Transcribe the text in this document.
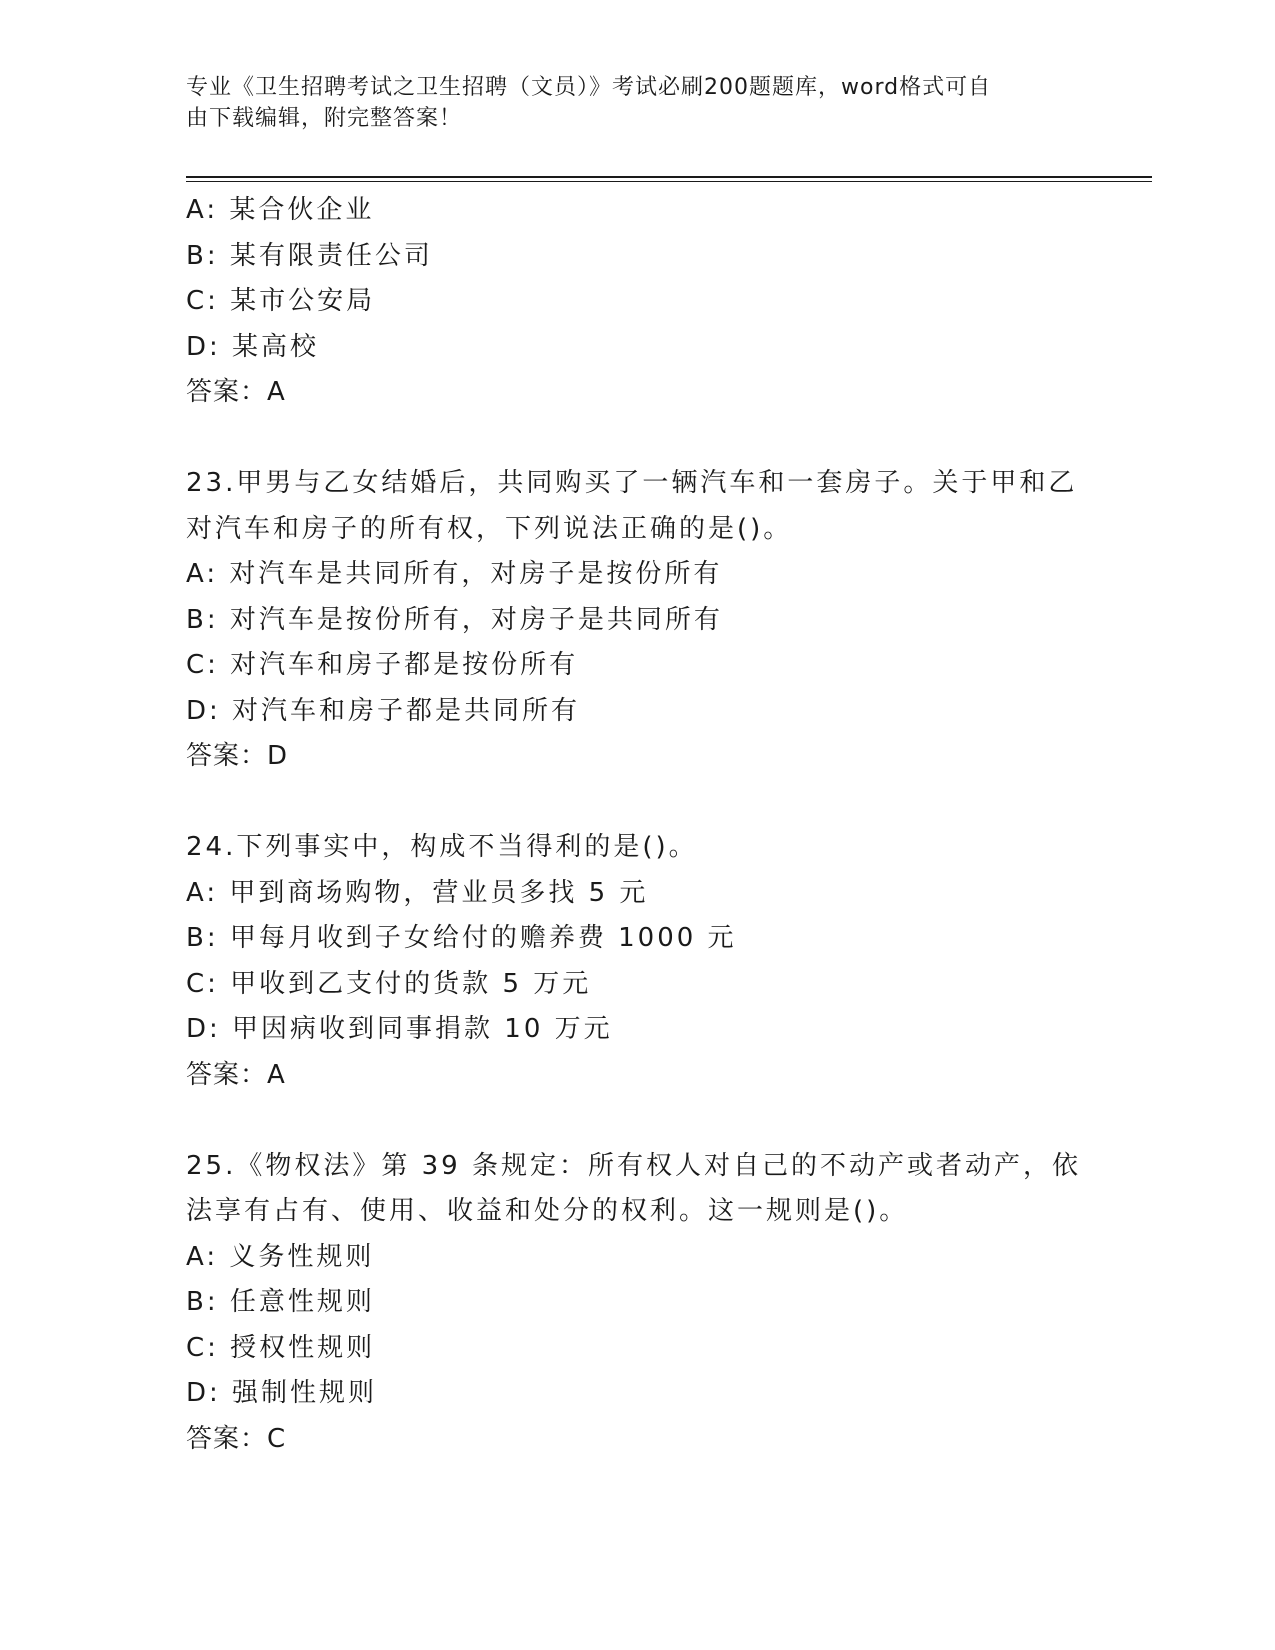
专业《卫生招聘考试之卫生招聘（文员）》考试必刷200题题库，word格式可自
由下载编辑，附完整答案！
A: 某合伙企业
B: 某有限责任公司
C: 某市公安局
D: 某高校
答案：A
23.甲男与乙女结婚后，共同购买了一辆汽车和一套房子。关于甲和乙
对汽车和房子的所有权，下列说法正确的是()。
A: 对汽车是共同所有，对房子是按份所有
B: 对汽车是按份所有，对房子是共同所有
C: 对汽车和房子都是按份所有
D: 对汽车和房子都是共同所有
答案：D
24.下列事实中，构成不当得利的是()。
A: 甲到商场购物，营业员多找 5 元
B: 甲每月收到子女给付的赡养费 1000 元
C: 甲收到乙支付的货款 5 万元
D: 甲因病收到同事捐款 10 万元
答案：A
25.《物权法》第 39 条规定：所有权人对自己的不动产或者动产，依
法享有占有、使用、收益和处分的权利。这一规则是()。
A: 义务性规则
B: 任意性规则
C: 授权性规则
D: 强制性规则
答案：C
